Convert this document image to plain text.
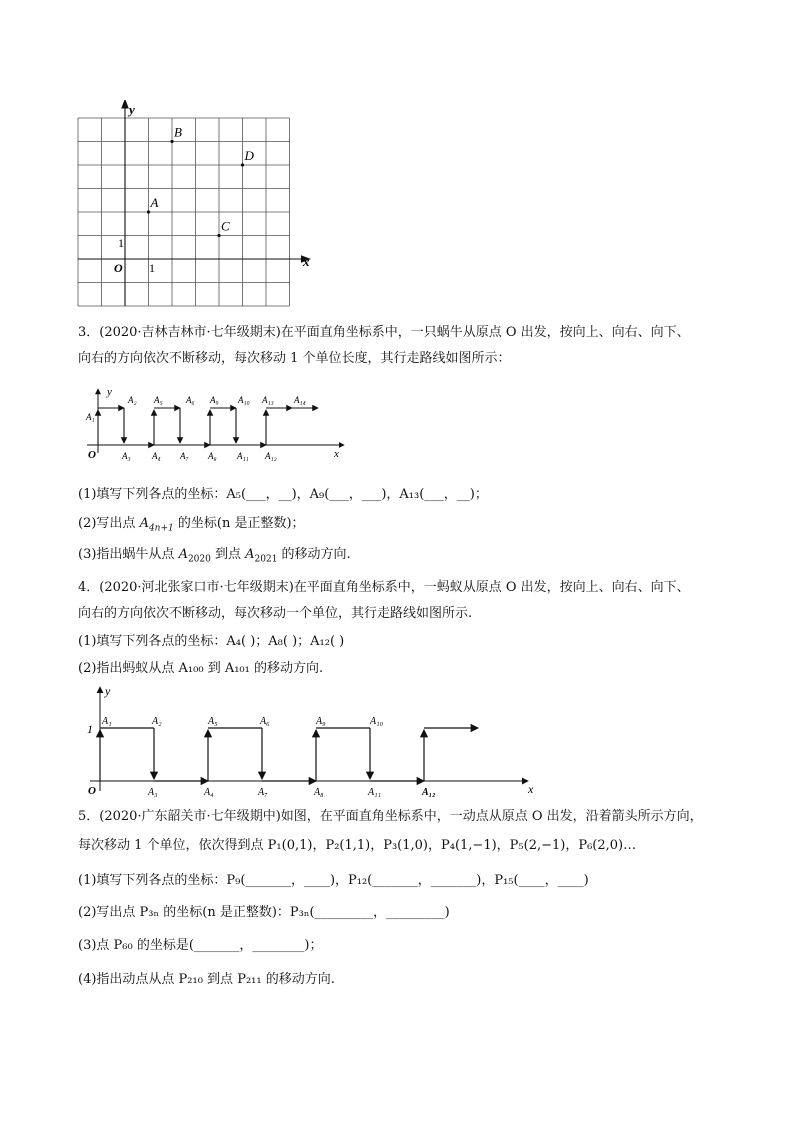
x
y
O 1
1
A
B
C
D
3．(2020·吉林吉林市·七年级期末)在平面直角坐标系中，一只蜗牛从原点 O 出发，按向上、向右、向下、
向右的方向依次不断移动，每次移动 1 个单位长度，其行走路线如图所示：
x
y
O
A₁
A₂ A₅	A₆ A₉ A₁₀ A₁₃ A₁₄
A₃ A₄ A₇ A₈ A₁₁ A₁₂
(1)填写下列各点的坐标：A₅(___，__)，A₉(___，___)，A₁₃(___，__)；
(2)写出点 $A_{4n+1}$ 的坐标(n 是正整数)；
(3)指出蜗牛从点 $A_{2020}$ 到点 $A_{2021}$ 的移动方向.
4．(2020·河北张家口市·七年级期末)在平面直角坐标系中，一蚂蚁从原点 O 出发，按向上、向右、向下、
向右的方向依次不断移动，每次移动一个单位，其行走路线如图所示.
(1)填写下列各点的坐标：A₄( )；A₈( )；A₁₂( )
(2)指出蚂蚁从点 A₁₀₀ 到 A₁₀₁ 的移动方向.
x
y
O
1
A₁	A₂	A₅	A₆	A₉	A₁₀
A₃	A₄	A₇	A₈	A₁₁	A₁₂
5．(2020·广东韶关市·七年级期中)如图，在平面直角坐标系中，一动点从原点 O 出发，沿着箭头所示方向，
每次移动 1 个单位，依次得到点 P₁(0,1)，P₂(1,1)，P₃(1,0)，P₄(1,−1)，P₅(2,−1)，P₆(2,0)…
(1)填写下列各点的坐标：P₉(_______，____)，P₁₂(_______，_______)，P₁₅(____，____)
(2)写出点 P₃ₙ 的坐标(n 是正整数)：P₃ₙ(_________，_________)
(3)点 P₆₀ 的坐标是(_______，________)；
(4)指出动点从点 P₂₁₀ 到点 P₂₁₁ 的移动方向.
